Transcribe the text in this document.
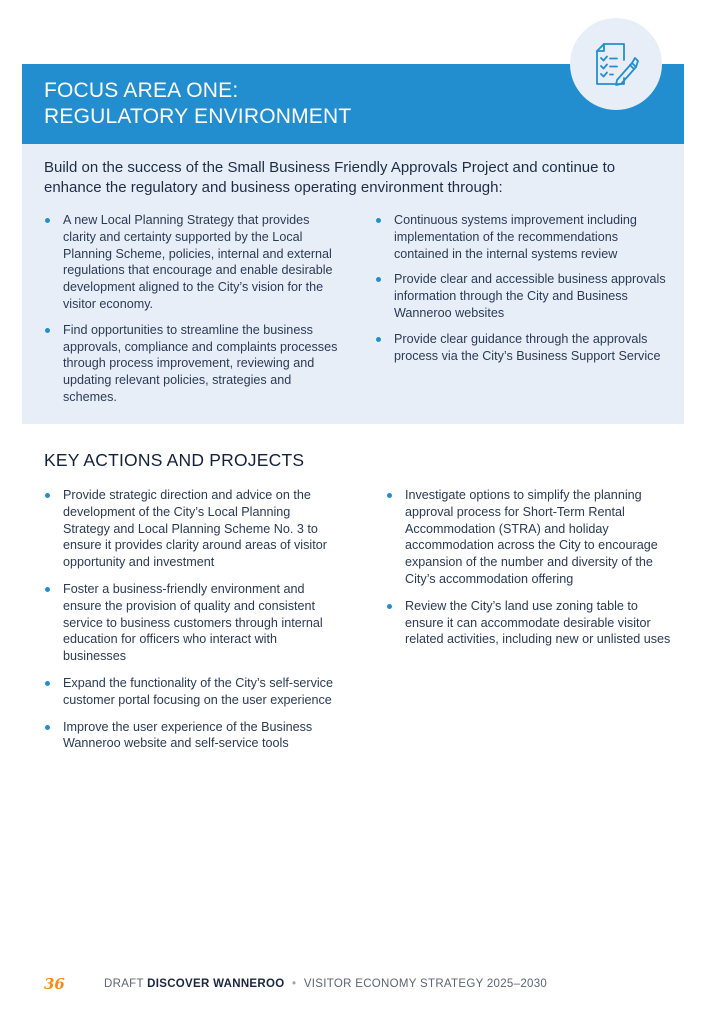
FOCUS AREA ONE:
REGULATORY ENVIRONMENT

Build on the success of the Small Business Friendly Approvals Project and continue to enhance the regulatory and business operating environment through:

A new Local Planning Strategy that provides clarity and certainty supported by the Local Planning Scheme, policies, internal and external regulations that encourage and enable desirable development aligned to the City’s vision for the visitor economy.
Find opportunities to streamline the business approvals, compliance and complaints processes through process improvement, reviewing and updating relevant policies, strategies and schemes.
Continuous systems improvement including implementation of the recommendations contained in the internal systems review
Provide clear and accessible business approvals information through the City and Business Wanneroo websites
Provide clear guidance through the approvals process via the City’s Business Support Service
KEY ACTIONS AND PROJECTS
Provide strategic direction and advice on the development of the City’s Local Planning Strategy and Local Planning Scheme No. 3 to ensure it provides clarity around areas of visitor opportunity and investment
Foster a business-friendly environment and ensure the provision of quality and consistent service to business customers through internal education for officers who interact with businesses
Expand the functionality of the City’s self-service customer portal focusing on the user experience
Improve the user experience of the Business Wanneroo website and self-service tools
Investigate options to simplify the planning approval process for Short-Term Rental Accommodation (STRA) and holiday accommodation across the City to encourage expansion of the number and diversity of the City’s accommodation offering
Review the City’s land use zoning table to ensure it can accommodate desirable visitor related activities, including new or unlisted uses
36	DRAFT DISCOVER WANNEROO • VISITOR ECONOMY STRATEGY 2025–2030
